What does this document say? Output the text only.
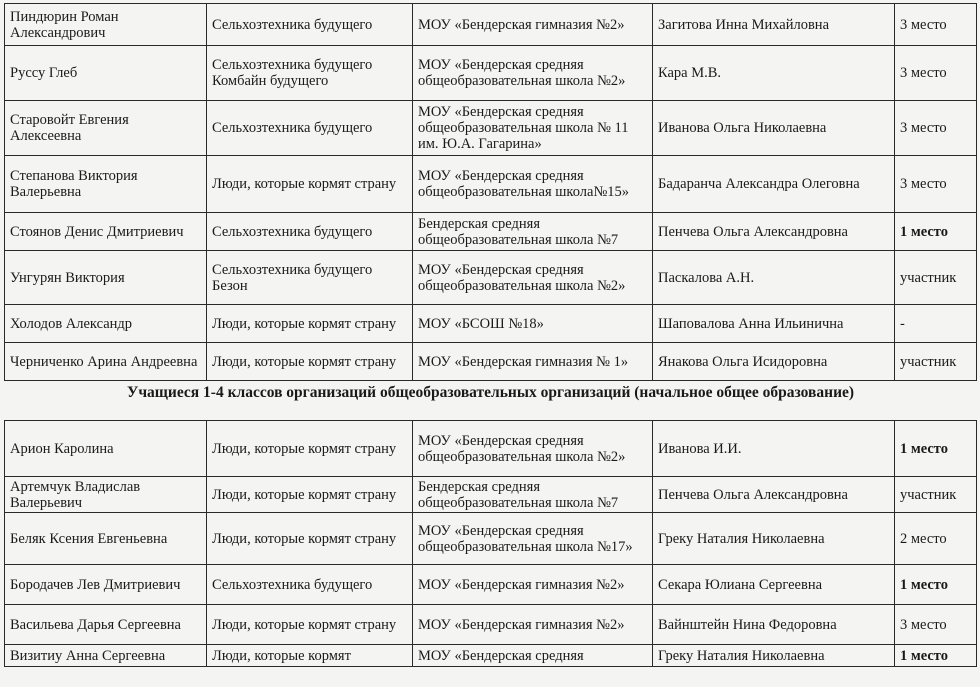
Пиндюрин Роман Александрович	Сельхозтехника будущего	МОУ «Бендерская гимназия №2»	Загитова Инна Михайловна	3 место
Руссу Глеб	Сельхозтехника будущего Комбайн будущего	МОУ «Бендерская средняя общеобразовательная школа №2»	Кара М.В.	3 место
Старовойт Евгения Алексеевна	Сельхозтехника будущего	МОУ «Бендерская средняя общеобразовательная школа № 11 им. Ю.А. Гагарина»	Иванова Ольга Николаевна	3 место
Степанова Виктория Валерьевна	Люди, которые кормят страну	МОУ «Бендерская средняя общеобразовательная школа№15»	Бадаранча Александра Олеговна	3 место
Стоянов Денис Дмитриевич	Сельхозтехника будущего	Бендерская средняя общеобразовательная школа №7	Пенчева Ольга Александровна	1 место
Унгурян Виктория	Сельхозтехника будущего Безон	МОУ «Бендерская средняя общеобразовательная школа №2»	Паскалова А.Н.	участник
Холодов Александр	Люди, которые кормят страну	МОУ «БСОШ №18»	Шаповалова Анна Ильинична	-
Черниченко Арина Андреевна	Люди, которые кормят страну	МОУ «Бендерская гимназия № 1»	Янакова Ольга Исидоровна	участник
Учащиеся 1-4 классов организаций общеобразовательных организаций (начальное общее образование)				
Арион Каролина	Люди, которые кормят страну	МОУ «Бендерская средняя общеобразовательная школа №2»	Иванова И.И.	1 место
Артемчук Владислав Валерьевич	Люди, которые кормят страну	Бендерская средняя общеобразовательная школа №7	Пенчева Ольга Александровна	участник
Беляк Ксения Евгеньевна	Люди, которые кормят страну	МОУ «Бендерская средняя общеобразовательная школа №17»	Греку Наталия Николаевна	2 место
Бородачев Лев Дмитриевич	Сельхозтехника будущего	МОУ «Бендерская гимназия №2»	Секара Юлиана Сергеевна	1 место
Васильева Дарья Сергеевна	Люди, которые кормят страну	МОУ «Бендерская гимназия №2»	Вайнштейн Нина Федоровна	3 место
Визитиу Анна Сергеевна	Люди, которые кормят	МОУ «Бендерская средняя	Греку Наталия Николаевна	1 место
